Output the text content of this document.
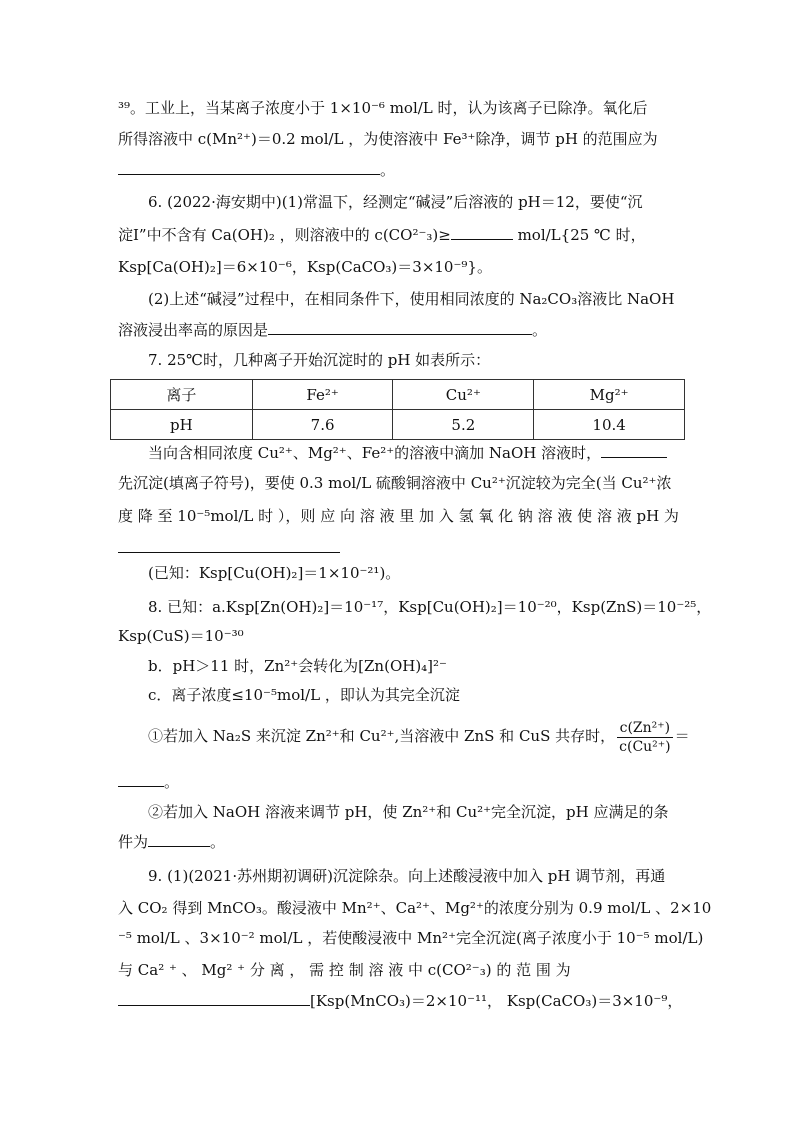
³⁹。工业上，当某离子浓度小于 1×10⁻⁶ mol/L 时，认为该离子已除净。氧化后
所得溶液中 c(Mn²⁺)＝0.2 mol/L ，为使溶液中 Fe³⁺除净，调节 pH 的范围应为
。
6. (2022·海安期中)(1)常温下，经测定“碱浸”后溶液的 pH＝12，要使“沉
淀Ⅰ”中不含有 Ca(OH)₂ ，则溶液中的 c(CO²⁻₃)≥	mol/L{25 ℃ 时，
Ksp[Ca(OH)₂]＝6×10⁻⁶，Ksp(CaCO₃)＝3×10⁻⁹}。
(2)上述“碱浸”过程中，在相同条件下，使用相同浓度的 Na₂CO₃溶液比 NaOH
溶液浸出率高的原因是	。
7. 25℃时，几种离子开始沉淀时的 pH 如表所示：
离子	Fe²⁺	Cu²⁺	Mg²⁺
pH	7.6	5.2	10.4
当向含相同浓度 Cu²⁺、Mg²⁺、Fe²⁺的溶液中滴加 NaOH 溶液时，
先沉淀(填离子符号)，要使 0.3 mol/L 硫酸铜溶液中 Cu²⁺沉淀较为完全(当 Cu²⁺浓
度 降 至 10⁻⁵mol/L 时 ），则 应 向 溶 液 里 加 入 氢 氧 化 钠 溶 液 使 溶 液 pH 为
(已知：Ksp[Cu(OH)₂]＝1×10⁻²¹)。
8. 已知：a.Ksp[Zn(OH)₂]＝10⁻¹⁷，Ksp[Cu(OH)₂]＝10⁻²⁰，Ksp(ZnS)＝10⁻²⁵，
Ksp(CuS)＝10⁻³⁰
b．pH＞11 时，Zn²⁺会转化为[Zn(OH)₄]²⁻
c．离子浓度≤10⁻⁵mol/L ，即认为其完全沉淀
①若加入 Na₂S 来沉淀 Zn²⁺和 Cu²⁺,当溶液中 ZnS 和 CuS 共存时， $\frac{\text{c(Zn²⁺)}}{\text{c(Cu²⁺)}}$ ＝
。
②若加入 NaOH 溶液来调节 pH，使 Zn²⁺和 Cu²⁺完全沉淀，pH 应满足的条
件为	。
9. (1)(2021·苏州期初调研)沉淀除杂。向上述酸浸液中加入 pH 调节剂，再通
入 CO₂ 得到 MnCO₃。酸浸液中 Mn²⁺、Ca²⁺、Mg²⁺的浓度分别为 0.9 mol/L 、2×10
⁻⁵ mol/L 、3×10⁻² mol/L ，若使酸浸液中 Mn²⁺完全沉淀(离子浓度小于 10⁻⁵ mol/L)
与 Ca² ⁺ 、 Mg² ⁺ 分 离 ， 需 控 制 溶 液 中 c(CO²⁻₃) 的 范 围 为
[Ksp(MnCO₃)＝2×10⁻¹¹， Ksp(CaCO₃)＝3×10⁻⁹，
